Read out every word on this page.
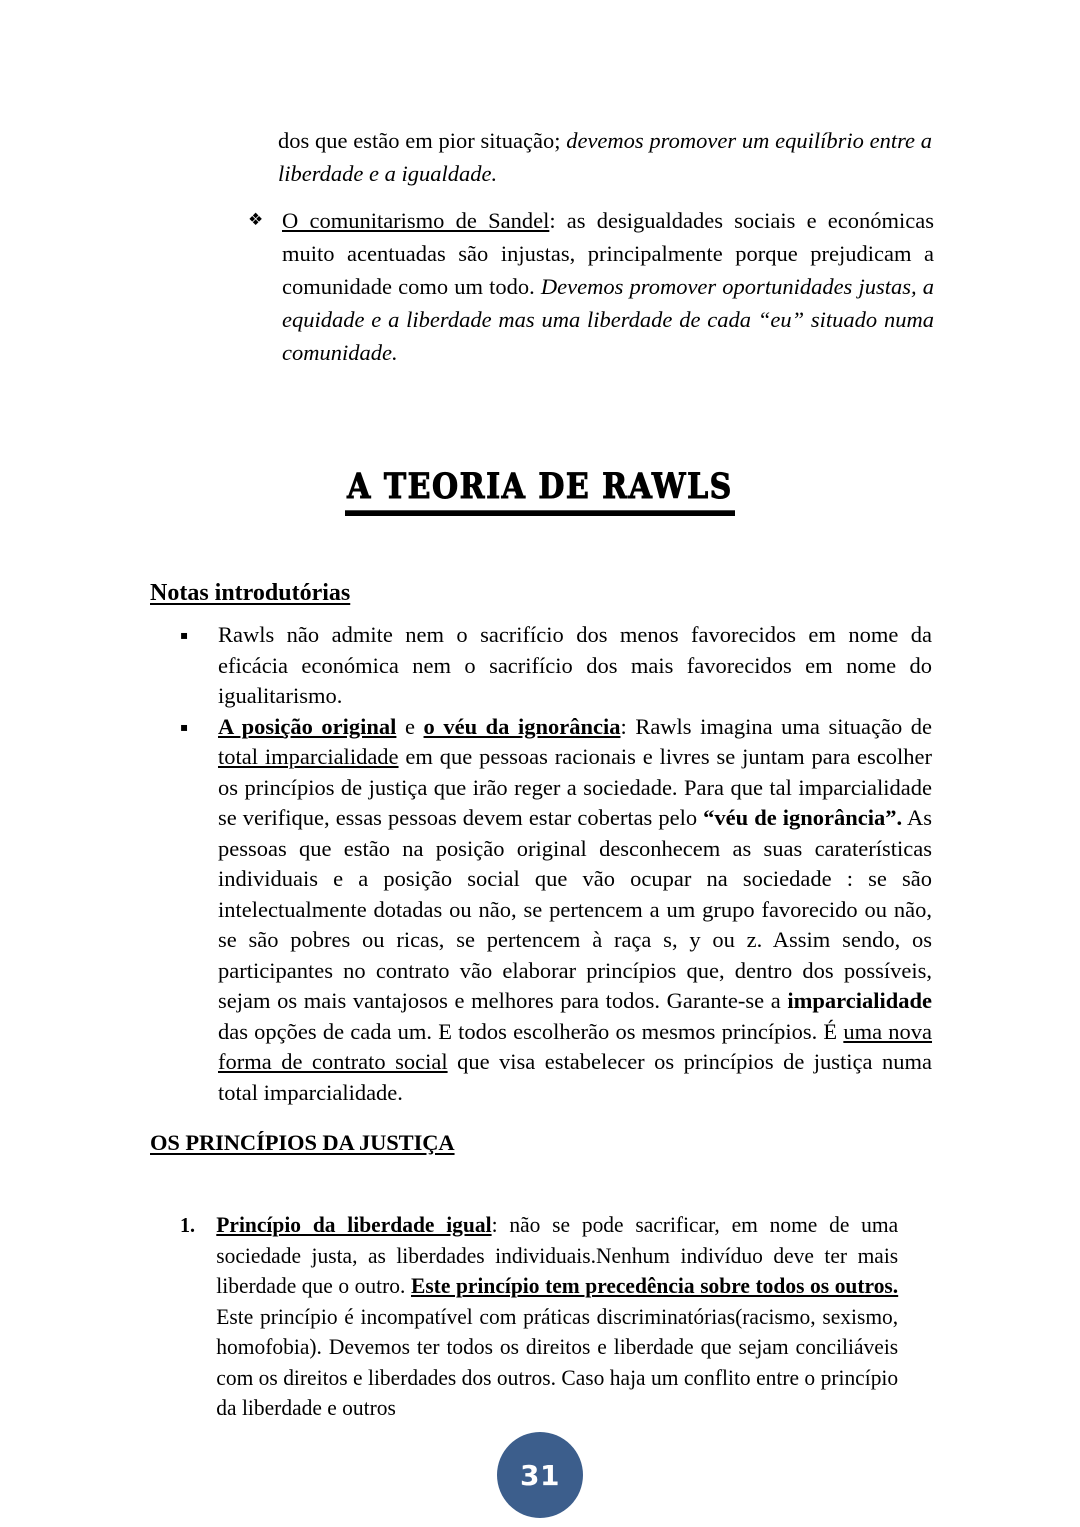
dos que estão em pior situação; devemos promover um equilíbrio entre a liberdade e a igualdade.
❖ O comunitarismo de Sandel: as desigualdades sociais e económicas muito acentuadas são injustas, principalmente porque prejudicam a comunidade como um todo. Devemos promover oportunidades justas, a equidade e a liberdade mas uma liberdade de cada “eu” situado numa comunidade.
A TEORIA DE RAWLS
Notas introdutórias
▪	Rawls não admite nem o sacrifício dos menos favorecidos em nome da eficácia económica nem o sacrifício dos mais favorecidos em nome do igualitarismo.
▪	A posição original e o véu da ignorância: Rawls imagina uma situação de total imparcialidade em que pessoas racionais e livres se juntam para escolher os princípios de justiça que irão reger a sociedade. Para que tal imparcialidade se verifique, essas pessoas devem estar cobertas pelo “véu de ignorância”. As pessoas que estão na posição original desconhecem as suas caraterísticas individuais e a posição social que vão ocupar na sociedade : se são intelectualmente dotadas ou não, se pertencem a um grupo favorecido ou não, se são pobres ou ricas, se pertencem à raça s, y ou z. Assim sendo, os participantes no contrato vão elaborar princípios que, dentro dos possíveis, sejam os mais vantajosos e melhores para todos. Garante-se a imparcialidade das opções de cada um. E todos escolherão os mesmos princípios. É uma nova forma de contrato social que visa estabelecer os princípios de justiça numa total imparcialidade.
OS PRINCÍPIOS DA JUSTIÇA
1. Princípio da liberdade igual: não se pode sacrificar, em nome de uma sociedade justa, as liberdades individuais.Nenhum indivíduo deve ter mais liberdade que o outro. Este princípio tem precedência sobre todos os outros. Este princípio é incompatível com práticas discriminatórias(racismo, sexismo, homofobia). Devemos ter todos os direitos e liberdade que sejam conciliáveis com os direitos e liberdades dos outros. Caso haja um conflito entre o princípio da liberdade e outros
31
